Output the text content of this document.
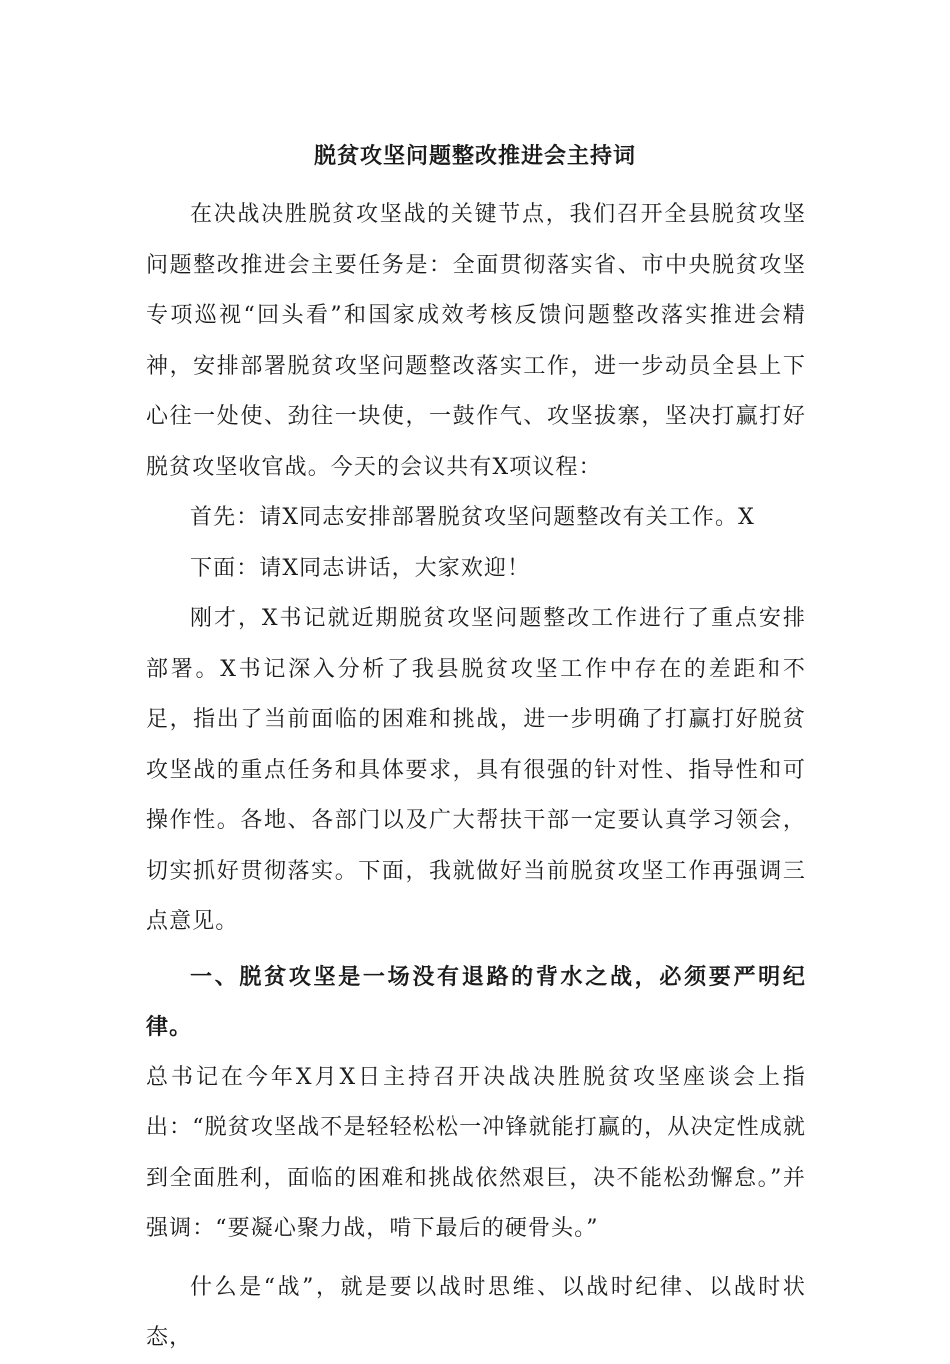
脱贫攻坚问题整改推进会主持词

在决战决胜脱贫攻坚战的关键节点，我们召开全县脱贫攻坚问题整改推进会主要任务是：全面贯彻落实省、市中央脱贫攻坚专项巡视“回头看”和国家成效考核反馈问题整改落实推进会精神，安排部署脱贫攻坚问题整改落实工作，进一步动员全县上下心往一处使、劲往一块使，一鼓作气、攻坚拔寨，坚决打赢打好脱贫攻坚收官战。今天的会议共有X项议程：

首先：请X同志安排部署脱贫攻坚问题整改有关工作。X

下面：请X同志讲话，大家欢迎！

刚才，X书记就近期脱贫攻坚问题整改工作进行了重点安排部署。X书记深入分析了我县脱贫攻坚工作中存在的差距和不足，指出了当前面临的困难和挑战，进一步明确了打赢打好脱贫攻坚战的重点任务和具体要求，具有很强的针对性、指导性和可操作性。各地、各部门以及广大帮扶干部一定要认真学习领会，切实抓好贯彻落实。下面，我就做好当前脱贫攻坚工作再强调三点意见。

一、脱贫攻坚是一场没有退路的背水之战，必须要严明纪律。

总书记在今年X月X日主持召开决战决胜脱贫攻坚座谈会上指出：“脱贫攻坚战不是轻轻松松一冲锋就能打赢的，从决定性成就到全面胜利，面临的困难和挑战依然艰巨，决不能松劲懈怠。”并强调：“要凝心聚力战，啃下最后的硬骨头。”

什么是“战”，就是要以战时思维、以战时纪律、以战时状态，
